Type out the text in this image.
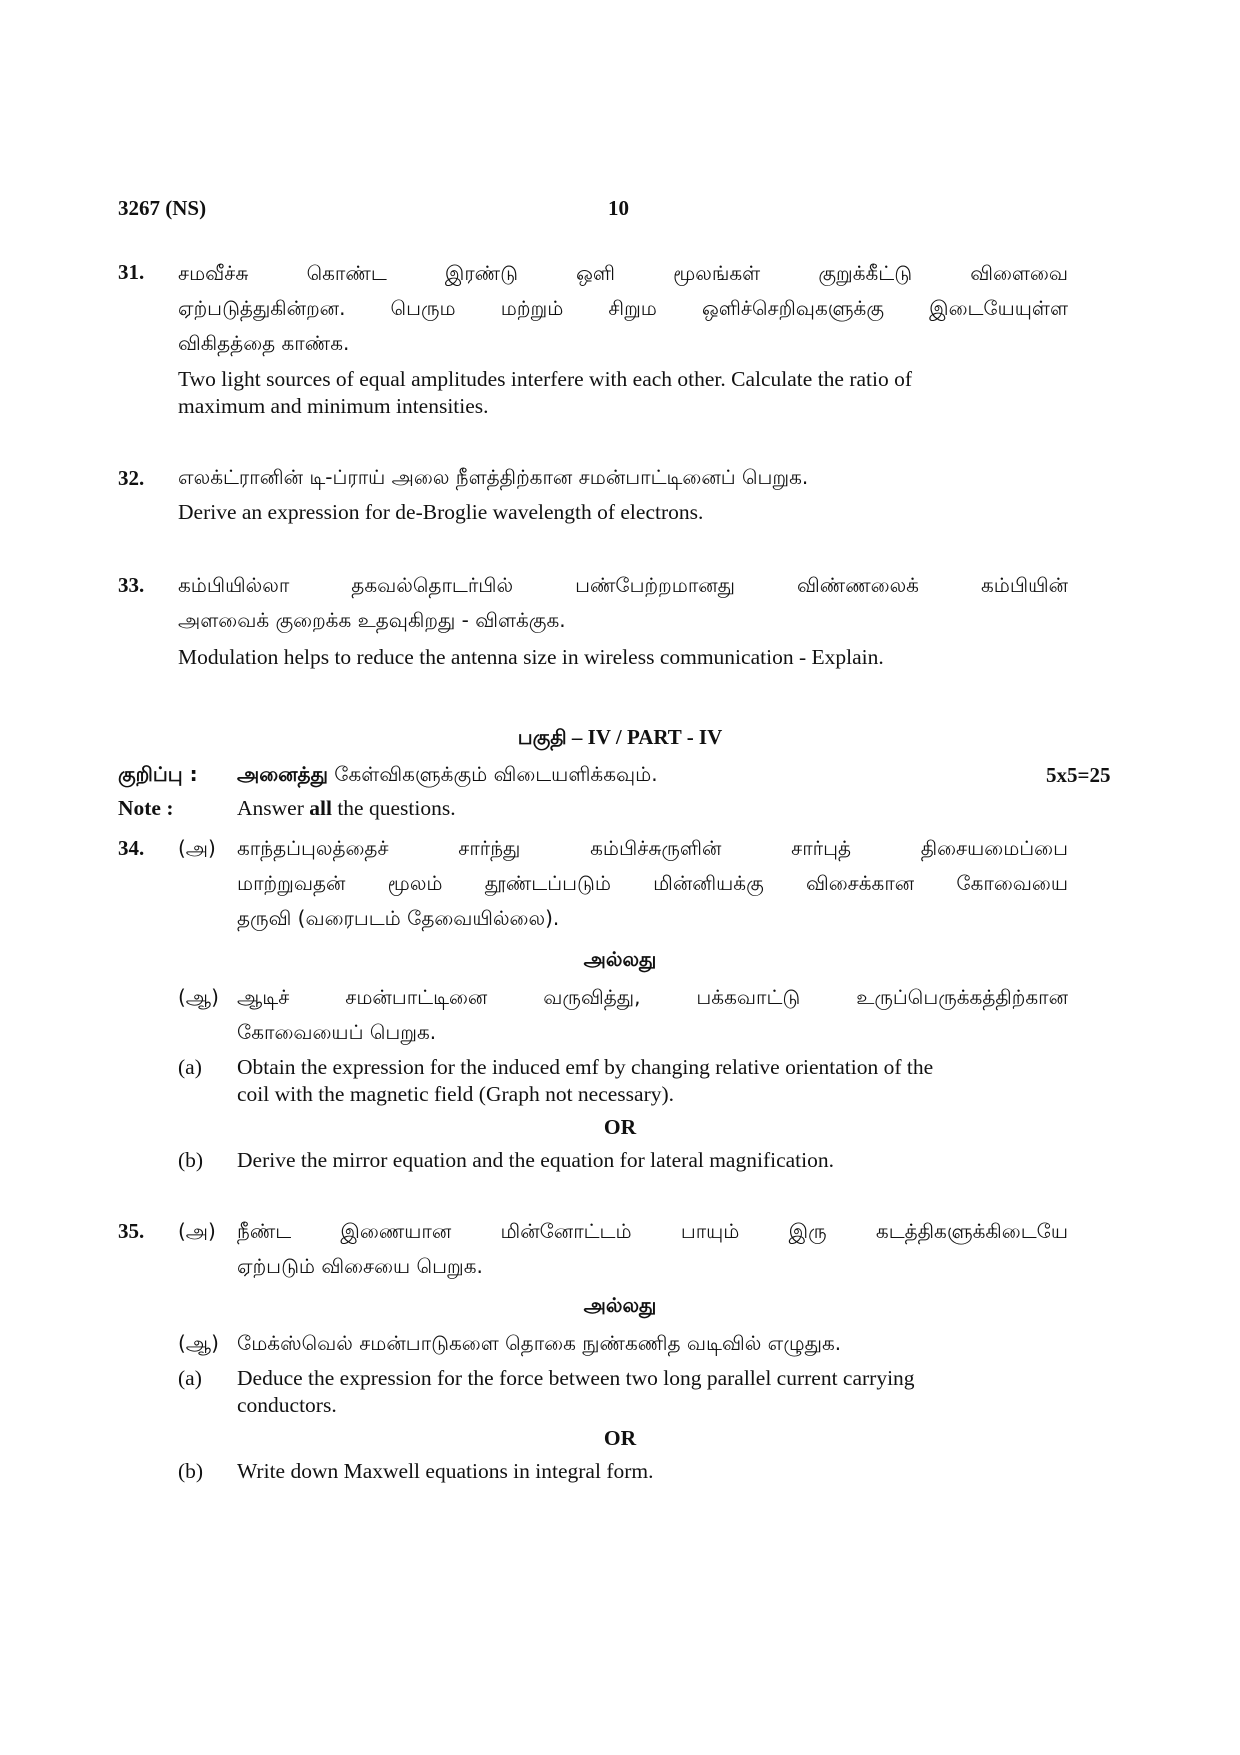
3267 (NS)	10
31. சமவீச்சு கொண்ட இரண்டு ஒளி மூலங்கள் குறுக்கீட்டு விளைவை
ஏற்படுத்துகின்றன. பெரும மற்றும் சிறும ஒளிச்செறிவுகளுக்கு இடையேயுள்ள
விகிதத்தை காண்க.
Two light sources of equal amplitudes interfere with each other. Calculate the ratio of
maximum and minimum intensities.
32. எலக்ட்ரானின் டி-ப்ராய் அலை நீளத்திற்கான சமன்பாட்டினைப் பெறுக.
Derive an expression for de-Broglie wavelength of electrons.
33. கம்பியில்லா தகவல்தொடர்பில் பண்பேற்றமானது விண்ணலைக் கம்பியின்
அளவைக் குறைக்க உதவுகிறது - விளக்குக.
Modulation helps to reduce the antenna size in wireless communication - Explain.
பகுதி – IV / PART - IV
குறிப்பு : அனைத்து கேள்விகளுக்கும் விடையளிக்கவும்.	5x5=25
Note :	Answer all the questions.
34. (அ) காந்தப்புலத்தைச் சார்ந்து கம்பிச்சுருளின் சார்புத் திசையமைப்பை
மாற்றுவதன் மூலம் தூண்டப்படும் மின்னியக்கு விசைக்கான கோவையை
தருவி (வரைபடம் தேவையில்லை).
அல்லது
(ஆ) ஆடிச் சமன்பாட்டினை வருவித்து, பக்கவாட்டு உருப்பெருக்கத்திற்கான
கோவையைப் பெறுக.
(a) Obtain the expression for the induced emf by changing relative orientation of the
coil with the magnetic field (Graph not necessary).
OR
(b) Derive the mirror equation and the equation for lateral magnification.
35. (அ) நீண்ட இணையான மின்னோட்டம் பாயும் இரு கடத்திகளுக்கிடையே
ஏற்படும் விசையை பெறுக.
அல்லது
(ஆ) மேக்ஸ்வெல் சமன்பாடுகளை தொகை நுண்கணித வடிவில் எழுதுக.
(a) Deduce the expression for the force between two long parallel current carrying
conductors.
OR
(b) Write down Maxwell equations in integral form.
